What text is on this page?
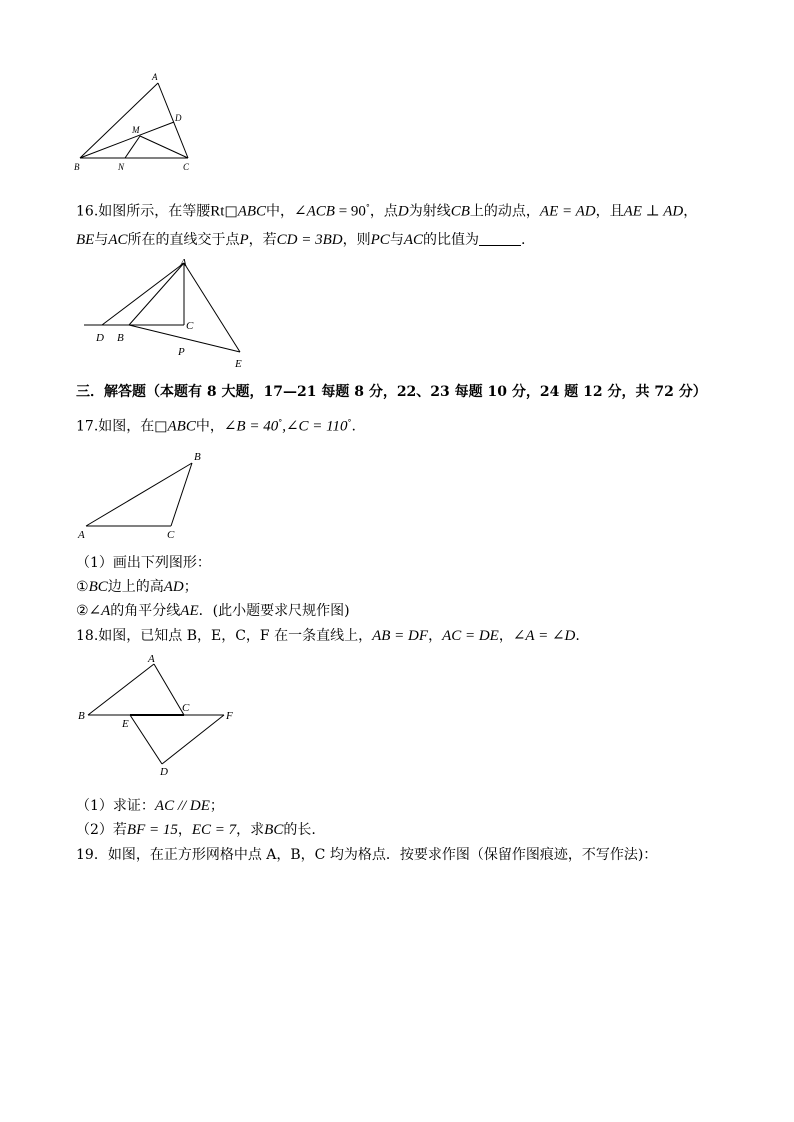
A
D
M
B	N	C
16.如图所示，在等腰Rt□ABC中，∠ACB = 90°，点D为射线CB上的动点，AE = AD，且AE ⊥ AD，
BE与AC所在的直线交于点P，若CD = 3BD，则PC与AC的比值为	.
A
C
D B
P
E
三．解答题（本题有 8 大题，17—21 每题 8 分，22、23 每题 10 分，24 题 12 分，共 72 分）
17.如图，在□ABC中，∠B = 40°,∠C = 110°.
B
A	C
（1）画出下列图形：
①BC边上的高AD；
②∠A的角平分线AE．(此小题要求尺规作图)
18.如图，已知点 B，E，C，F 在一条直线上，AB = DF，AC = DE，∠A = ∠D.
A
B
E
C
F
D
（1）求证：AC // DE；
（2）若BF = 15，EC = 7，求BC的长.
19．如图，在正方形网格中点 A，B，C 均为格点．按要求作图（保留作图痕迹，不写作法)：
